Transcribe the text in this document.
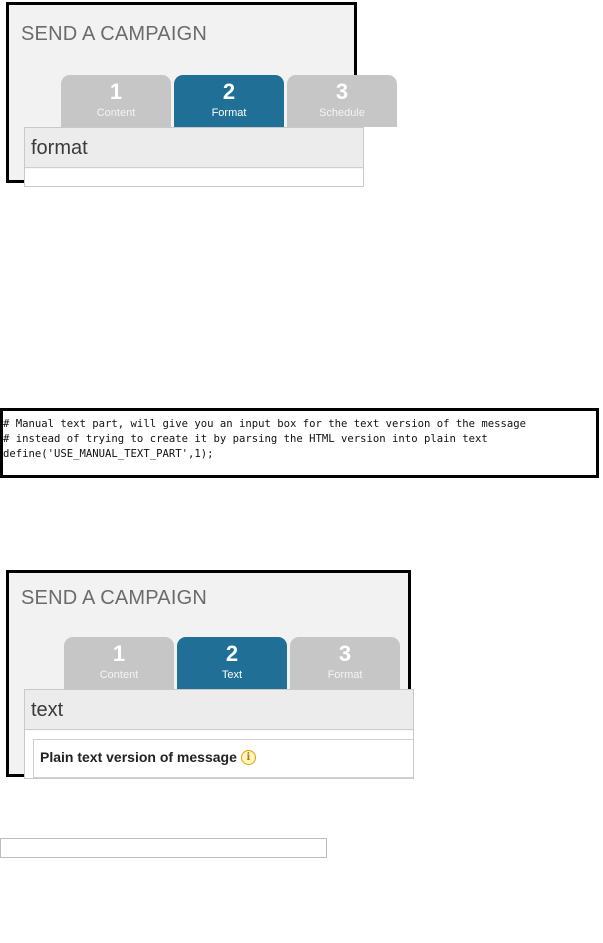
SEND A CAMPAIGN
1
Content
2
Format
3
Schedule
format
# Manual text part, will give you an input box for the text version of the message
# instead of trying to create it by parsing the HTML version into plain text
define('USE_MANUAL_TEXT_PART',1);
SEND A CAMPAIGN
1
Content
2
Text
3
Format
text
Plain text version of message i
